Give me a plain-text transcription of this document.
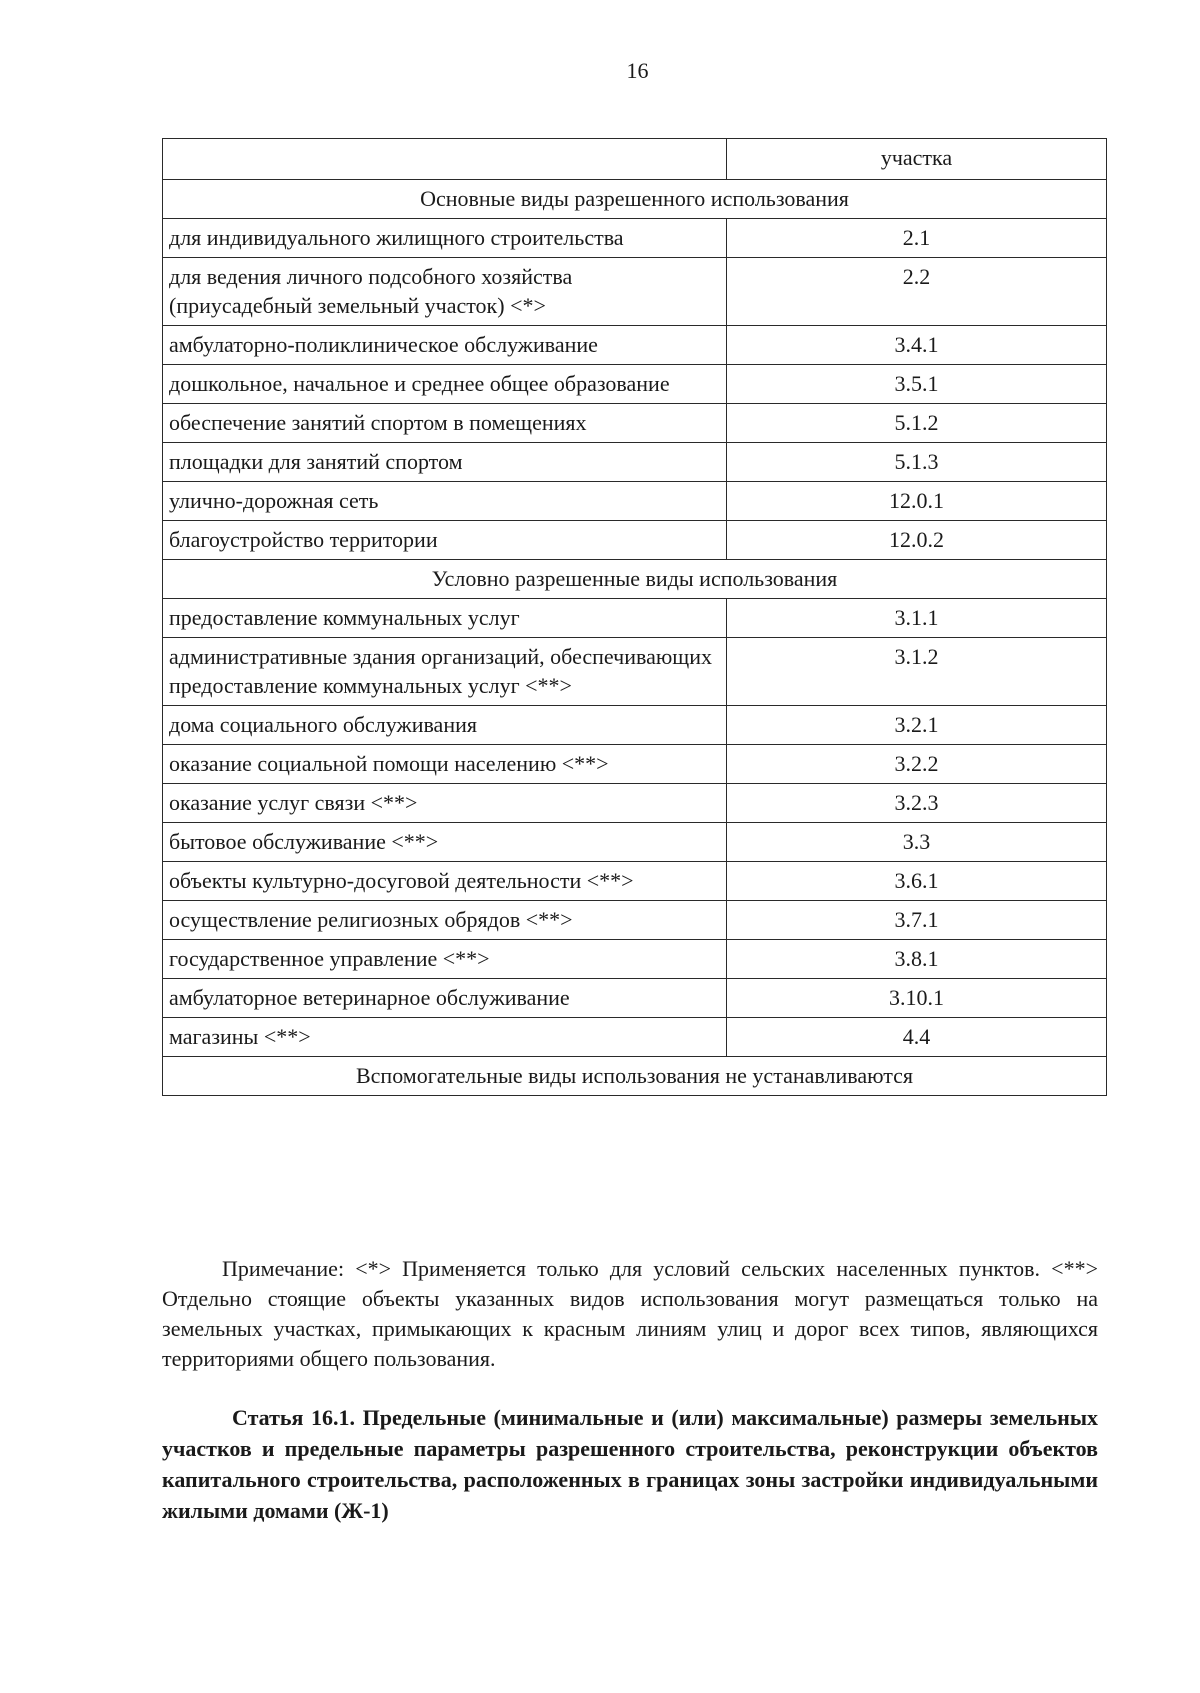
16
	участка
Основные виды разрешенного использования	
для индивидуального жилищного строительства	2.1
для ведения личного подсобного хозяйства (приусадебный земельный участок) <*>	2.2
амбулаторно-поликлиническое обслуживание	3.4.1
дошкольное, начальное и среднее общее образование	3.5.1
обеспечение занятий спортом в помещениях	5.1.2
площадки для занятий спортом	5.1.3
улично-дорожная сеть	12.0.1
благоустройство территории	12.0.2
Условно разрешенные виды использования	
предоставление коммунальных услуг	3.1.1
административные здания организаций, обеспечивающих предоставление коммунальных услуг <**>	3.1.2
дома социального обслуживания	3.2.1
оказание социальной помощи населению <**>	3.2.2
оказание услуг связи <**>	3.2.3
бытовое обслуживание <**>	3.3
объекты культурно-досуговой деятельности <**>	3.6.1
осуществление религиозных обрядов <**>	3.7.1
государственное управление <**>	3.8.1
амбулаторное ветеринарное обслуживание	3.10.1
магазины <**>	4.4
Вспомогательные виды использования не устанавливаются	
Примечание: <*> Применяется только для условий сельских населенных пунктов. <**> Отдельно стоящие объекты указанных видов использования могут размещаться только на земельных участках, примыкающих к красным линиям улиц и дорог всех типов, являющихся территориями общего пользования.
Статья 16.1. Предельные (минимальные и (или) максимальные) размеры земельных участков и предельные параметры разрешенного строительства, реконструкции объектов капитального строительства, расположенных в границах зоны застройки индивидуальными жилыми домами (Ж-1)
